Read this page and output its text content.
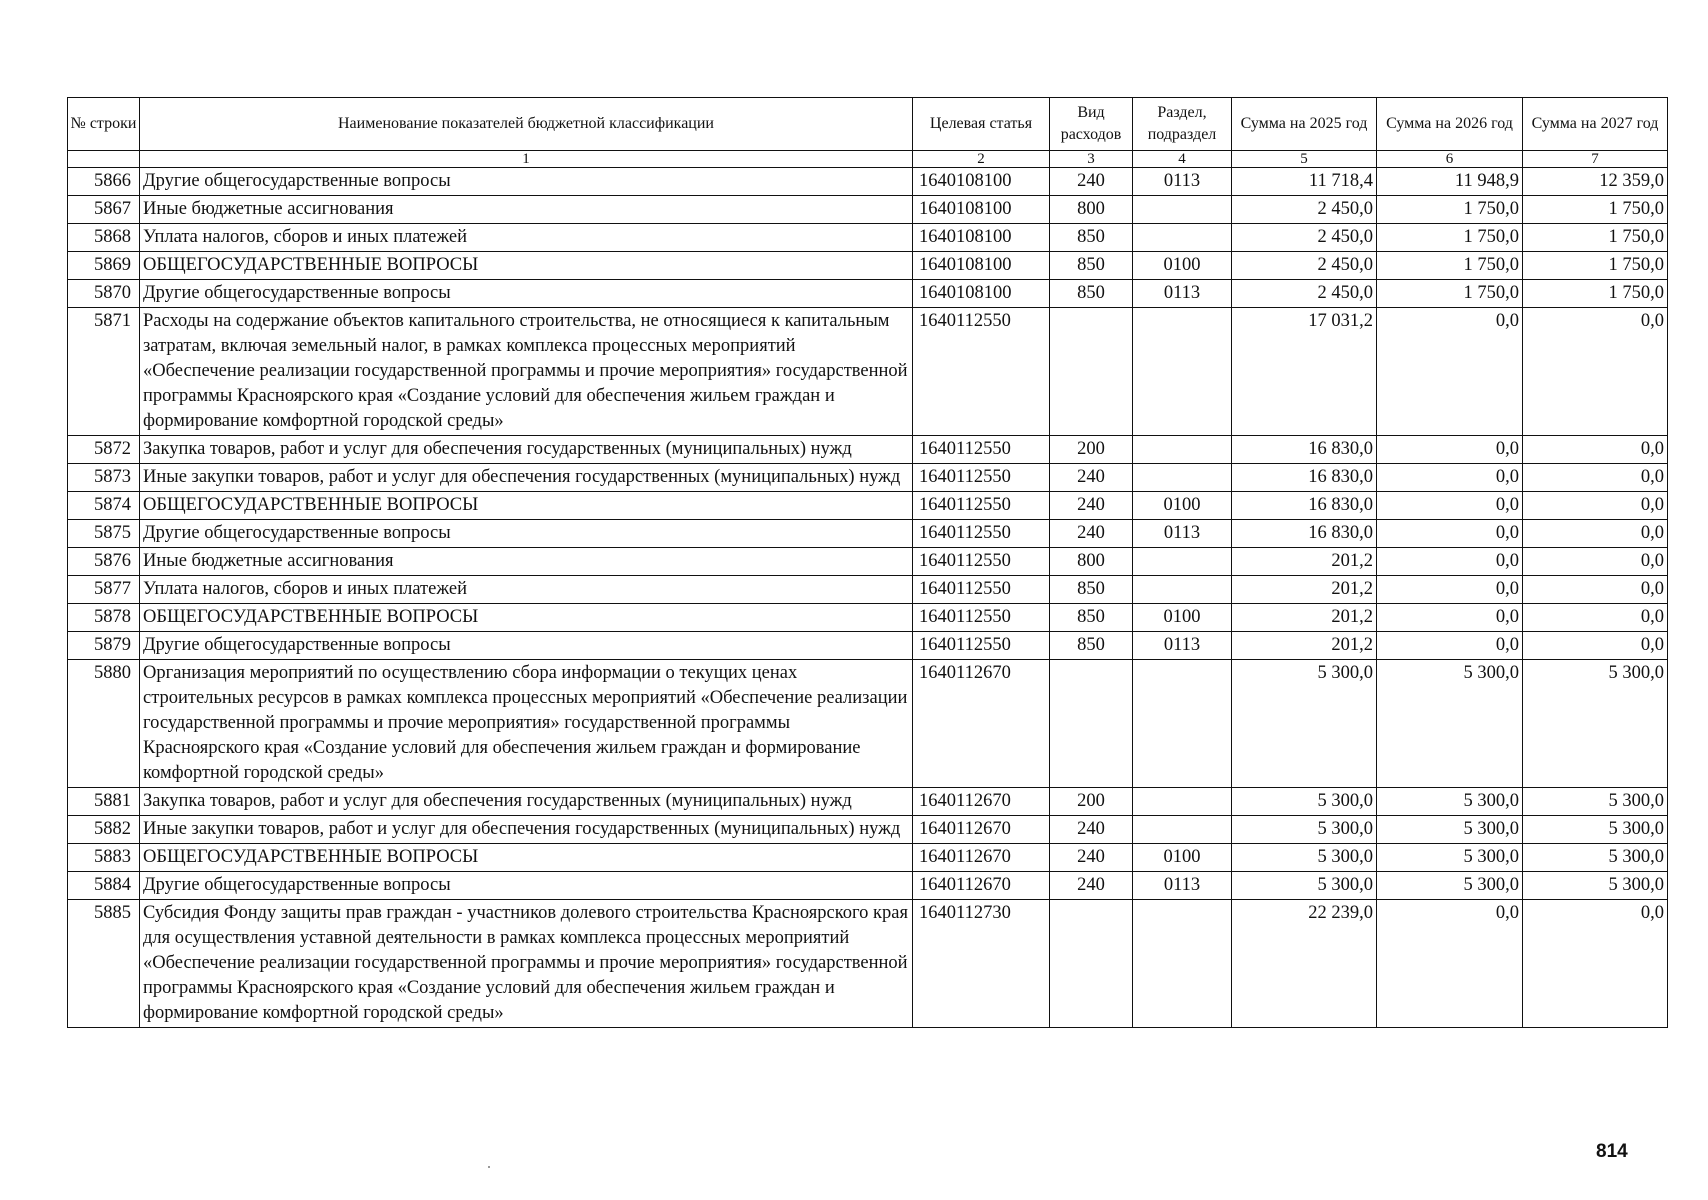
№ строки	Наименование показателей бюджетной классификации	Целевая статья	Вид расходов	Раздел, подраздел	Сумма на 2025 год	Сумма на 2026 год	Сумма на 2027 год
	1	2	3	4	5	6	7
5866	Другие общегосударственные вопросы	1640108100	240	0113	11 718,4	11 948,9	12 359,0
5867	Иные бюджетные ассигнования	1640108100	800		2 450,0	1 750,0	1 750,0
5868	Уплата налогов, сборов и иных платежей	1640108100	850		2 450,0	1 750,0	1 750,0
5869	ОБЩЕГОСУДАРСТВЕННЫЕ ВОПРОСЫ	1640108100	850	0100	2 450,0	1 750,0	1 750,0
5870	Другие общегосударственные вопросы	1640108100	850	0113	2 450,0	1 750,0	1 750,0
5871	Расходы на содержание объектов капитального строительства, не относящиеся к капитальным затратам, включая земельный налог, в рамках комплекса процессных мероприятий «Обеспечение реализации государственной программы и прочие мероприятия» государственной программы Красноярского края «Создание условий для обеспечения жильем граждан и формирование комфортной городской среды»	1640112550			17 031,2	0,0	0,0
5872	Закупка товаров, работ и услуг для обеспечения государственных (муниципальных) нужд	1640112550	200		16 830,0	0,0	0,0
5873	Иные закупки товаров, работ и услуг для обеспечения государственных (муниципальных) нужд	1640112550	240		16 830,0	0,0	0,0
5874	ОБЩЕГОСУДАРСТВЕННЫЕ ВОПРОСЫ	1640112550	240	0100	16 830,0	0,0	0,0
5875	Другие общегосударственные вопросы	1640112550	240	0113	16 830,0	0,0	0,0
5876	Иные бюджетные ассигнования	1640112550	800		201,2	0,0	0,0
5877	Уплата налогов, сборов и иных платежей	1640112550	850		201,2	0,0	0,0
5878	ОБЩЕГОСУДАРСТВЕННЫЕ ВОПРОСЫ	1640112550	850	0100	201,2	0,0	0,0
5879	Другие общегосударственные вопросы	1640112550	850	0113	201,2	0,0	0,0
5880	Организация мероприятий по осуществлению сбора информации о текущих ценах строительных ресурсов в рамках комплекса процессных мероприятий «Обеспечение реализации государственной программы и прочие мероприятия» государственной программы Красноярского края «Создание условий для обеспечения жильем граждан и формирование комфортной городской среды»	1640112670			5 300,0	5 300,0	5 300,0
5881	Закупка товаров, работ и услуг для обеспечения государственных (муниципальных) нужд	1640112670	200		5 300,0	5 300,0	5 300,0
5882	Иные закупки товаров, работ и услуг для обеспечения государственных (муниципальных) нужд	1640112670	240		5 300,0	5 300,0	5 300,0
5883	ОБЩЕГОСУДАРСТВЕННЫЕ ВОПРОСЫ	1640112670	240	0100	5 300,0	5 300,0	5 300,0
5884	Другие общегосударственные вопросы	1640112670	240	0113	5 300,0	5 300,0	5 300,0
5885	Субсидия Фонду защиты прав граждан - участников долевого строительства Красноярского края для осуществления уставной деятельности в рамках комплекса процессных мероприятий «Обеспечение реализации государственной программы и прочие мероприятия» государственной программы Красноярского края «Создание условий для обеспечения жильем граждан и формирование комфортной городской среды»	1640112730			22 239,0	0,0	0,0
814
